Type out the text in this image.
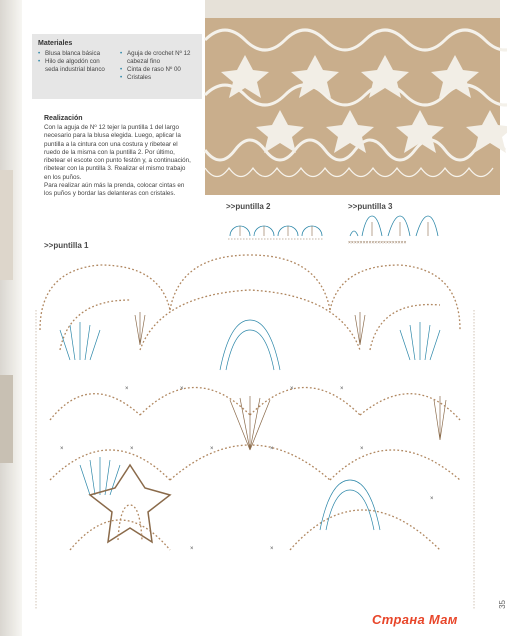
Materiales
• Blusa blanca básica
• Hilo de algodón con seda industrial blanco
• Aguja de crochet Nº 12 cabezal fino
• Cinta de raso Nº 00
• Cristales
Realización

Con la aguja de Nº 12 tejer la puntilla 1 del largo necesario para la blusa elegida. Luego, aplicar la puntilla a la cintura con una costura y ribetear el ruedo de la misma con la puntilla 2. Por último, ribetear el escote con punto festón y, a continuación, ribetear con la puntilla 3. Realizar el mismo trabajo en los puños.

Para realizar aún más la prenda, colocar cintas en los puños y bordar las delanteras con cristales.

>>puntilla 2	>>puntilla 3
>>puntilla 1	××××××××××××××××××××
×	×	×	×
×
×
×	×	×	×
×	×
35
Страна Мам
